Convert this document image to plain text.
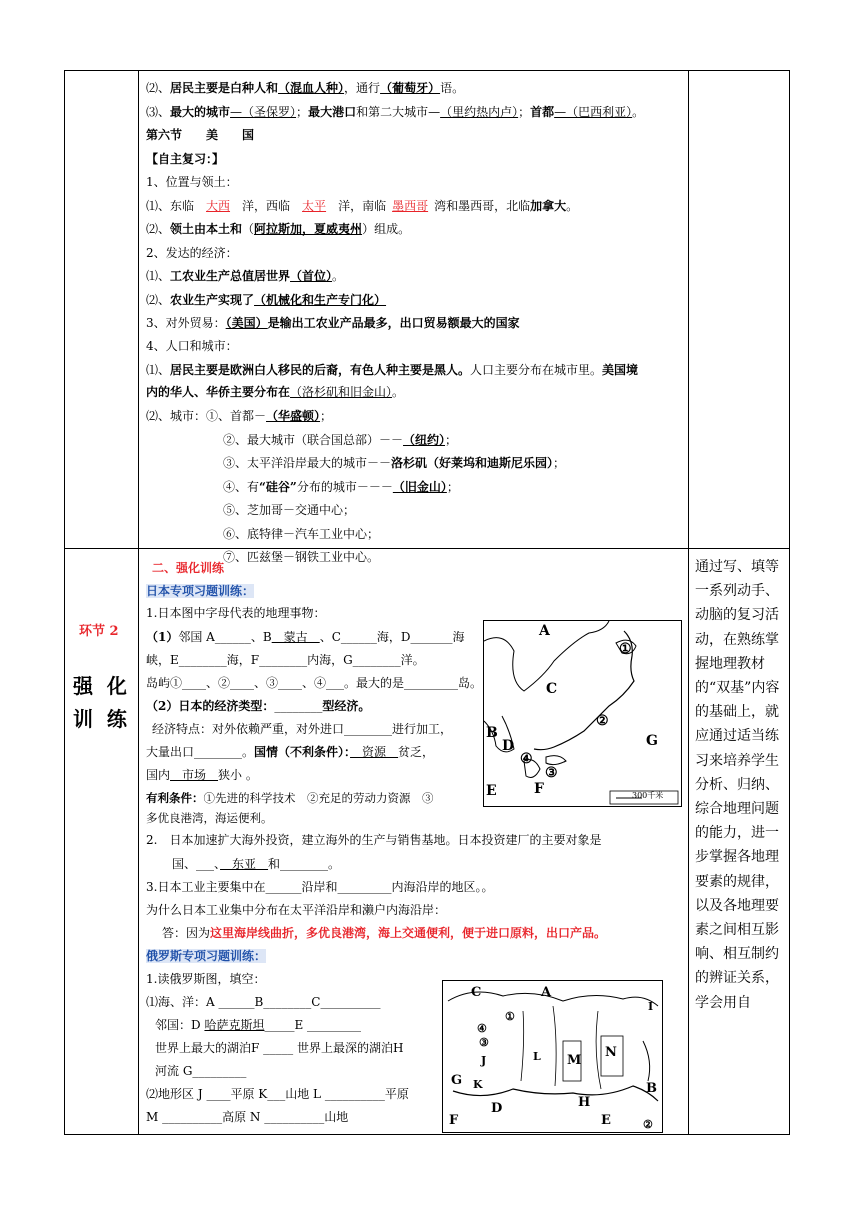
⑵、居民主要是白种人和（混血人种），通行（葡萄牙）语。
⑶、最大的城市—（圣保罗）；最大港口和第二大城市—（里约热内卢）；首都—（巴西利亚）。
第六节　　美　　国
【自主复习：】
1、位置与领土：
⑴、东临 大西 洋，西临 太平 洋，南临 墨西哥 湾和墨西哥，北临加拿大。
⑵、领土由本土和（阿拉斯加，夏威夷州）组成。
2、发达的经济：
⑴、工农业生产总值居世界（首位）。
⑵、农业生产实现了（机械化和生产专门化）
3、对外贸易：（美国）是输出工农业产品最多，出口贸易额最大的国家
4、人口和城市：
⑴、居民主要是欧洲白人移民的后裔，有色人种主要是黑人。人口主要分布在城市里。美国境
内的华人、华侨主要分布在（洛杉矶和旧金山）。
⑵、城市：①、首都－（华盛顿）；
②、最大城市（联合国总部）－－（纽约）；
③、太平洋沿岸最大的城市－－洛杉矶（好莱坞和迪斯尼乐园）；
④、有“硅谷”分布的城市－－－（旧金山）；
⑤、芝加哥－交通中心；
⑥、底特律－汽车工业中心；
⑦、匹兹堡－钢铁工业中心。
环节 2
强  化
训  练
通过写、填等一系列动手、动脑的复习活动，在熟练掌握地理教材的“双基”内容的基础上，就应通过适当练习来培养学生分析、归纳、综合地理问题的能力，进一步掌握各地理要素的规律，以及各地理要素之间相互影响、相互制约的辨证关系，学会用自
二、强化训练
日本专项习题训练：
1.日本图中字母代表的地理事物：
（1）邻国 A______、B　蒙古　、C______海，D_______海
峡，E________海，F________内海，G________洋。
岛屿①____、②____、③____、④___。最大的是_________岛。
（2）日本的经济类型：________型经济。
经济特点：对外依赖严重，对外进口________进行加工，
大量出口________。国情（不利条件）：　资源　贫乏，
国内　市场　狭小 。
有利条件：①先进的科学技术　②充足的劳动力资源　③
多优良港湾，海运便利。
2.　日本加速扩大海外投资，建立海外的生产与销售基地。日本投资建厂的主要对象是
国、___、　东亚　和________。
3.日本工业主要集中在______沿岸和_________内海沿岸的地区。。
为什么日本工业集中分布在太平洋沿岸和濑户内海沿岸：
答：因为这里海岸线曲折，多优良港湾，海上交通便利，便于进口原料，出口产品。
俄罗斯专项习题训练：
1.读俄罗斯图，填空：
⑴海、洋：A ______B________C__________
邻国：D 哈萨克斯坦_____E _________
世界上最大的湖泊F _____ 世界上最深的湖泊H
河流 G_________
⑵地形区 J ____平原 K___山地 L __________平原
M __________高原 N __________山地
A
B
C
D
E	F
G
①
②
③
④
300千米
A
B
C
D
E
F
G
H
I
J
K
L M
N
①
②
③
④
